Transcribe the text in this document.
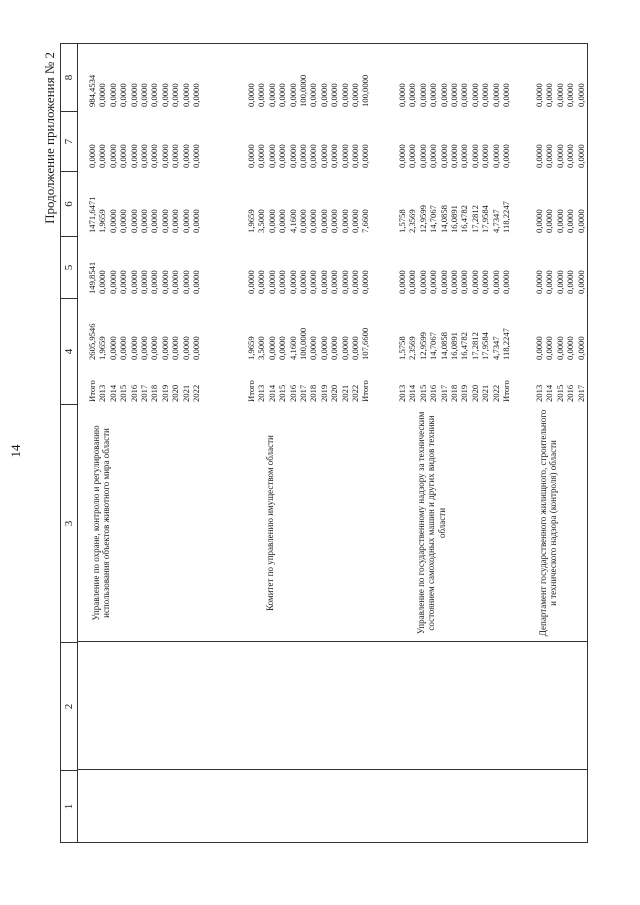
14
Продолжение приложения № 2
1
2
3
4
5
6
7
8
Управление по охране, контролю и регулированию использования объектов животного мира области
Итого
2605,9546
149,8541
1471,6471
0,0000
984,4534
2013
1,9659
0,0000
1,9659
0,0000
0,0000
2014
0,0000
0,0000
0,0000
0,0000
0,0000
2015
0,0000
0,0000
0,0000
0,0000
0,0000
2016
0,0000
0,0000
0,0000
0,0000
0,0000
2017
0,0000
0,0000
0,0000
0,0000
0,0000
2018
0,0000
0,0000
0,0000
0,0000
0,0000
2019
0,0000
0,0000
0,0000
0,0000
0,0000
2020
0,0000
0,0000
0,0000
0,0000
0,0000
2021
0,0000
0,0000
0,0000
0,0000
0,0000
2022
0,0000
0,0000
0,0000
0,0000
0,0000
Комитет по управлению имуществом области
Итого
1,9659
0,0000
1,9659
0,0000
0,0000
2013
3,5000
0,0000
3,5000
0,0000
0,0000
2014
0,0000
0,0000
0,0000
0,0000
0,0000
2015
0,0000
0,0000
0,0000
0,0000
0,0000
2016
4,1600
0,0000
4,1600
0,0000
0,0000
2017
100,0000
0,0000
0,0000
0,0000
100,0000
2018
0,0000
0,0000
0,0000
0,0000
0,0000
2019
0,0000
0,0000
0,0000
0,0000
0,0000
2020
0,0000
0,0000
0,0000
0,0000
0,0000
2021
0,0000
0,0000
0,0000
0,0000
0,0000
2022
0,0000
0,0000
0,0000
0,0000
0,0000
Итого
107,6600
0,0000
7,6600
0,0000
100,0000
Управление по государственному надзору за техническим состоянием самоходных машин и других видов техники области
2013
1,5758
0,0000
1,5758
0,0000
0,0000
2014
2,3569
0,0000
2,3569
0,0000
0,0000
2015
12,9599
0,0000
12,9599
0,0000
0,0000
2016
14,7067
0,0000
14,7067
0,0000
0,0000
2017
14,0858
0,0000
14,0858
0,0000
0,0000
2018
16,0891
0,0000
16,0891
0,0000
0,0000
2019
16,4782
0,0000
16,4782
0,0000
0,0000
2020
17,2812
0,0000
17,2812
0,0000
0,0000
2021
17,9584
0,0000
17,9584
0,0000
0,0000
2022
4,7347
0,0000
4,7347
0,0000
0,0000
Итого
118,2247
0,0000
118,2247
0,0000
0,0000
Департамент государственного жилищного, строительного и технического надзора (контроля) области
2013
0,0000
0,0000
0,0000
0,0000
0,0000
2014
0,0000
0,0000
0,0000
0,0000
0,0000
2015
0,0000
0,0000
0,0000
0,0000
0,0000
2016
0,0000
0,0000
0,0000
0,0000
0,0000
2017
0,0000
0,0000
0,0000
0,0000
0,0000
